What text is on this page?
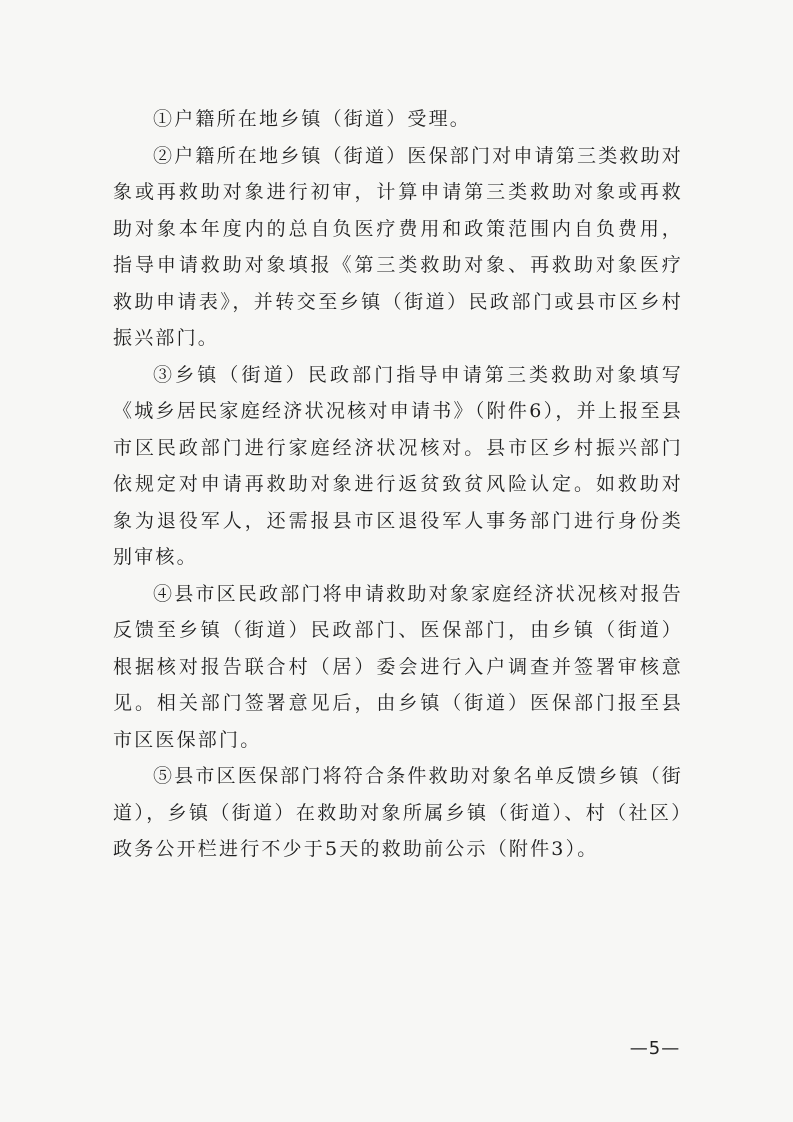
①户籍所在地乡镇（街道）受理。

②户籍所在地乡镇（街道）医保部门对申请第三类救助对象或再救助对象进行初审，计算申请第三类救助对象或再救助对象本年度内的总自负医疗费用和政策范围内自负费用，指导申请救助对象填报《第三类救助对象、再救助对象医疗救助申请表》，并转交至乡镇（街道）民政部门或县市区乡村振兴部门。

③乡镇（街道）民政部门指导申请第三类救助对象填写《城乡居民家庭经济状况核对申请书》（附件6），并上报至县市区民政部门进行家庭经济状况核对。县市区乡村振兴部门依规定对申请再救助对象进行返贫致贫风险认定。如救助对象为退役军人，还需报县市区退役军人事务部门进行身份类别审核。

④县市区民政部门将申请救助对象家庭经济状况核对报告反馈至乡镇（街道）民政部门、医保部门，由乡镇（街道）根据核对报告联合村（居）委会进行入户调查并签署审核意见。相关部门签署意见后，由乡镇（街道）医保部门报至县市区医保部门。

⑤县市区医保部门将符合条件救助对象名单反馈乡镇（街道），乡镇（街道）在救助对象所属乡镇（街道）、村（社区）政务公开栏进行不少于5天的救助前公示（附件3）。

—5—
